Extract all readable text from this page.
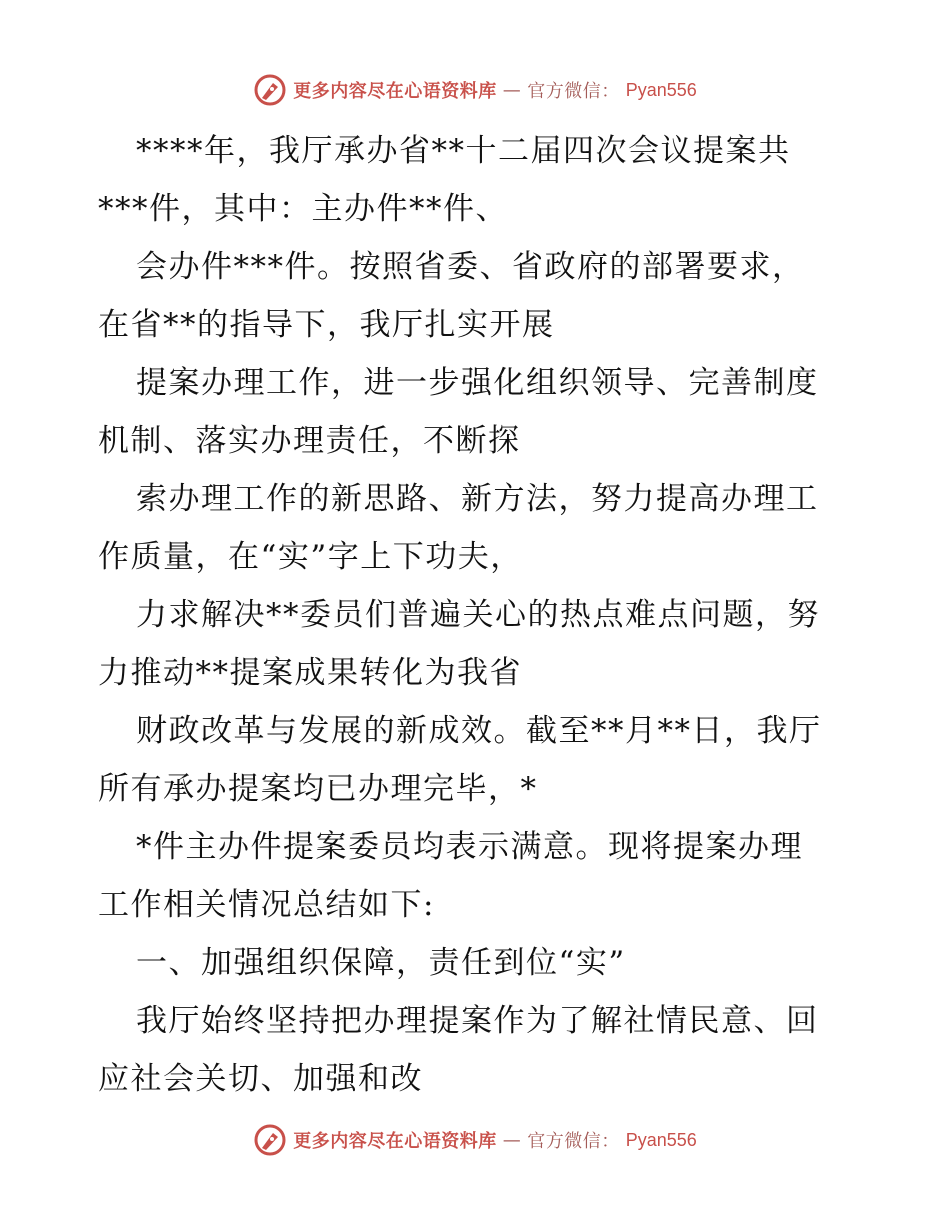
更多内容尽在心语资料库 — 官方微信： Pyan556
****年，我厅承办省**十二届四次会议提案共
***件，其中：主办件**件、
会办件***件。按照省委、省政府的部署要求，
在省**的指导下，我厅扎实开展
提案办理工作，进一步强化组织领导、完善制度
机制、落实办理责任，不断探
索办理工作的新思路、新方法，努力提高办理工
作质量，在“实”字上下功夫，
力求解决**委员们普遍关心的热点难点问题，努
力推动**提案成果转化为我省
财政改革与发展的新成效。截至**月**日，我厅
所有承办提案均已办理完毕，*
*件主办件提案委员均表示满意。现将提案办理
工作相关情况总结如下:
一、加强组织保障，责任到位“实”
我厅始终坚持把办理提案作为了解社情民意、回
应社会关切、加强和改
更多内容尽在心语资料库 — 官方微信： Pyan556
